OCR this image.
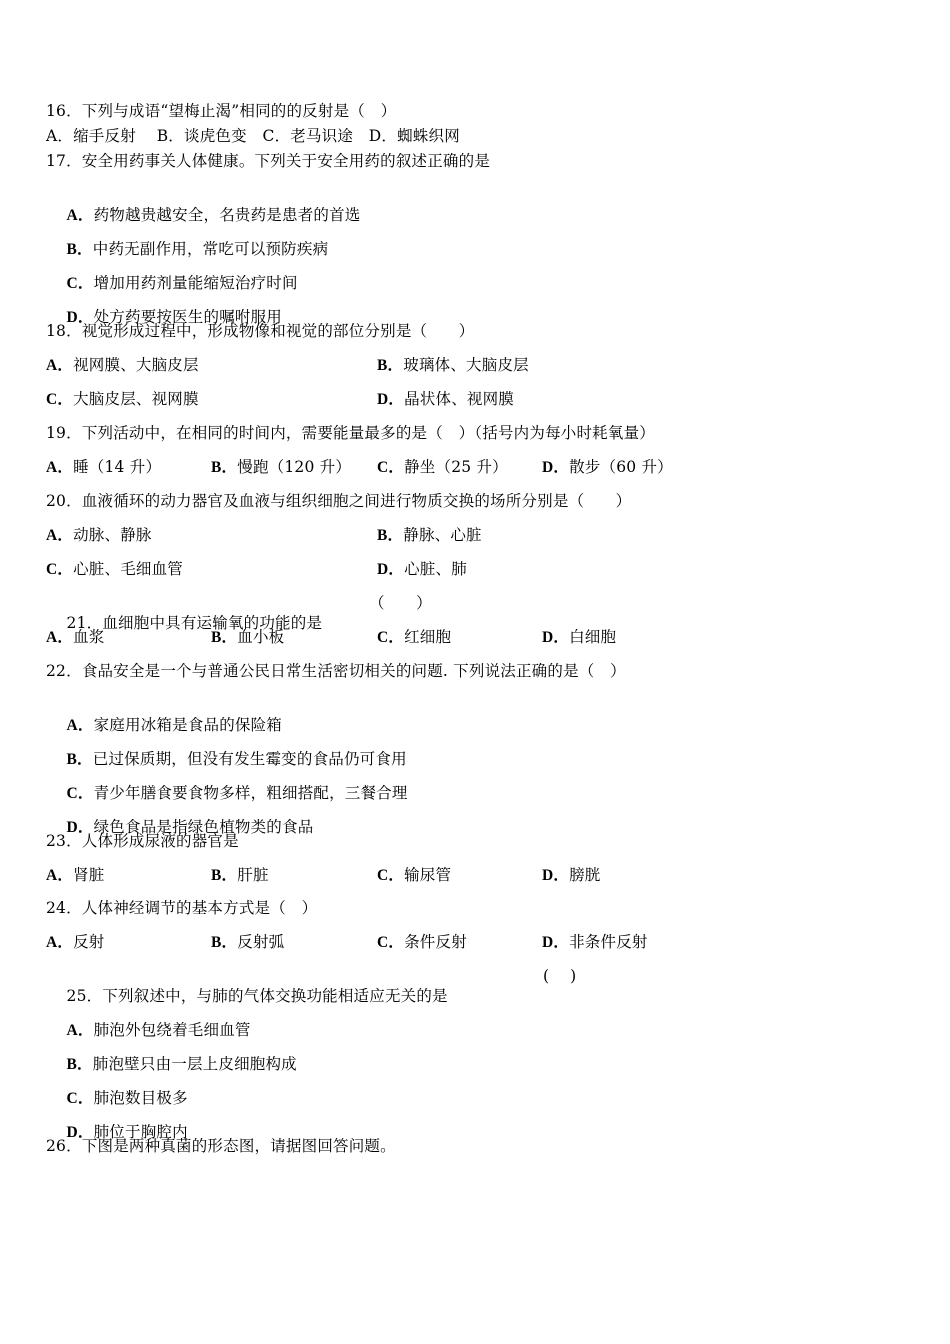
16．下列与成语“望梅止渴”相同的的反射是（　）
A．缩手反射　 B．谈虎色变　C．老马识途　D．蜘蛛织网
17．安全用药事关人体健康。下列关于安全用药的叙述正确的是

A．药物越贵越安全，名贵药是患者的首选

B．中药无副作用，常吃可以预防疾病

C．增加用药剂量能缩短治疗时间

D．处方药要按医生的嘱咐服用

18．视觉形成过程中，形成物像和视觉的部位分别是（　　）

A．视网膜、大脑皮层

	B．玻璃体、大脑皮层

C．大脑皮层、视网膜

	D．晶状体、视网膜

19．下列活动中，在相同的时间内，需要能量最多的是（　）（括号内为每小时耗氧量）

A．睡（14 升）

	B．慢跑（120 升）

C．静坐（25 升）

D．散步（60 升）

20．血液循环的动力器官及血液与组织细胞之间进行物质交换的场所分别是（　　）

A．动脉、静脉

	B．静脉、心脏

C．心脏、毛细血管

	D．心脏、肺

21．血细胞中具有运输氧的功能的是

（　　）

A．血浆

	B．血小板

	C．红细胞

	D．白细胞

22．食品安全是一个与普通公民日常生活密切相关的问题. 下列说法正确的是（　）

A．家庭用冰箱是食品的保险箱

B．已过保质期，但没有发生霉变的食品仍可食用

C．青少年膳食要食物多样，粗细搭配，三餐合理

D．绿色食品是指绿色植物类的食品

23．人体形成尿液的器官是

A．肾脏

	B．肝脏

	C．输尿管

	D．膀胱

24．人体神经调节的基本方式是（　）

A．反射

	B．反射弧

	C．条件反射

	D．非条件反射

25．下列叙述中，与肺的气体交换功能相适应无关的是

(　 )

A．肺泡外包绕着毛细血管

B．肺泡壁只由一层上皮细胞构成

C．肺泡数目极多

D．肺位于胸腔内

26．下图是两种真菌的形态图，请据图回答问题。
